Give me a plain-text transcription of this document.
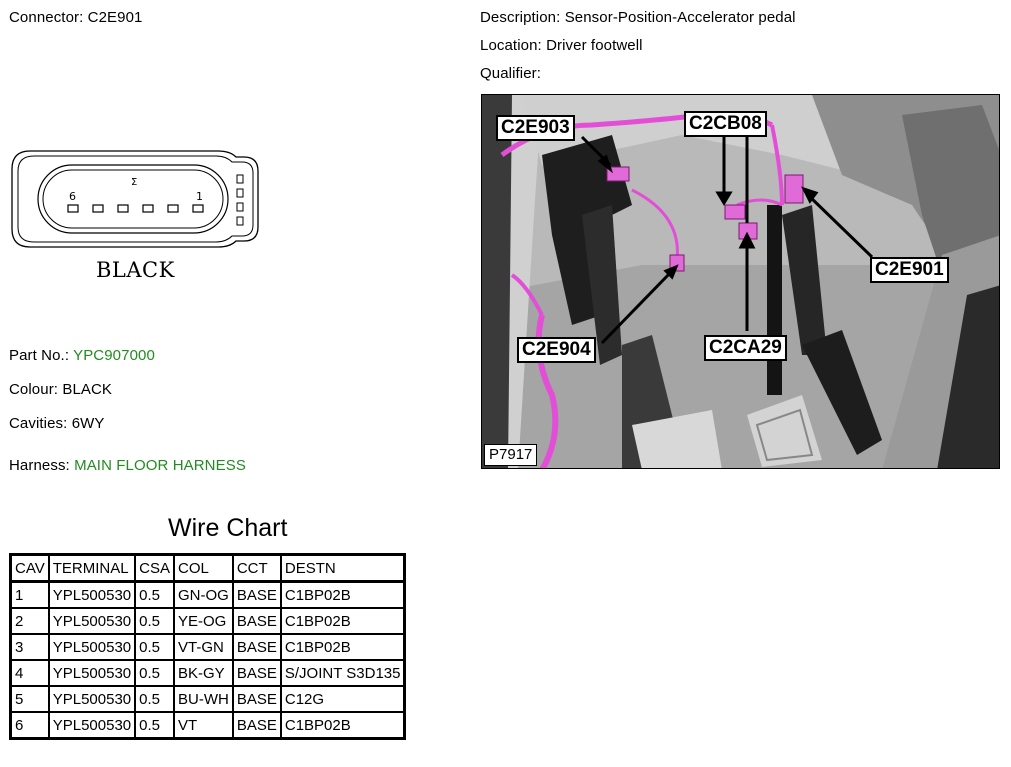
Connector: C2E901	Description: Sensor-Position-Accelerator pedal
Location: Driver footwell
Qualifier:
6	1
Σ
BLACK
Part No.: YPC907000
Colour: BLACK
Cavities: 6WY
Harness: MAIN FLOOR HARNESS
C2E903	C2CB08
C2E901
C2E904	C2CA29
P7917
Wire Chart
CAV	TERMINAL	CSA	COL	CCT	DESTN
1	YPL500530	0.5	GN-OG	BASE	C1BP02B
2	YPL500530	0.5	YE-OG	BASE	C1BP02B
3	YPL500530	0.5	VT-GN	BASE	C1BP02B
4	YPL500530	0.5	BK-GY	BASE	S/JOINT S3D135
5	YPL500530	0.5	BU-WH	BASE	C12G
6	YPL500530	0.5	VT	BASE	C1BP02B
